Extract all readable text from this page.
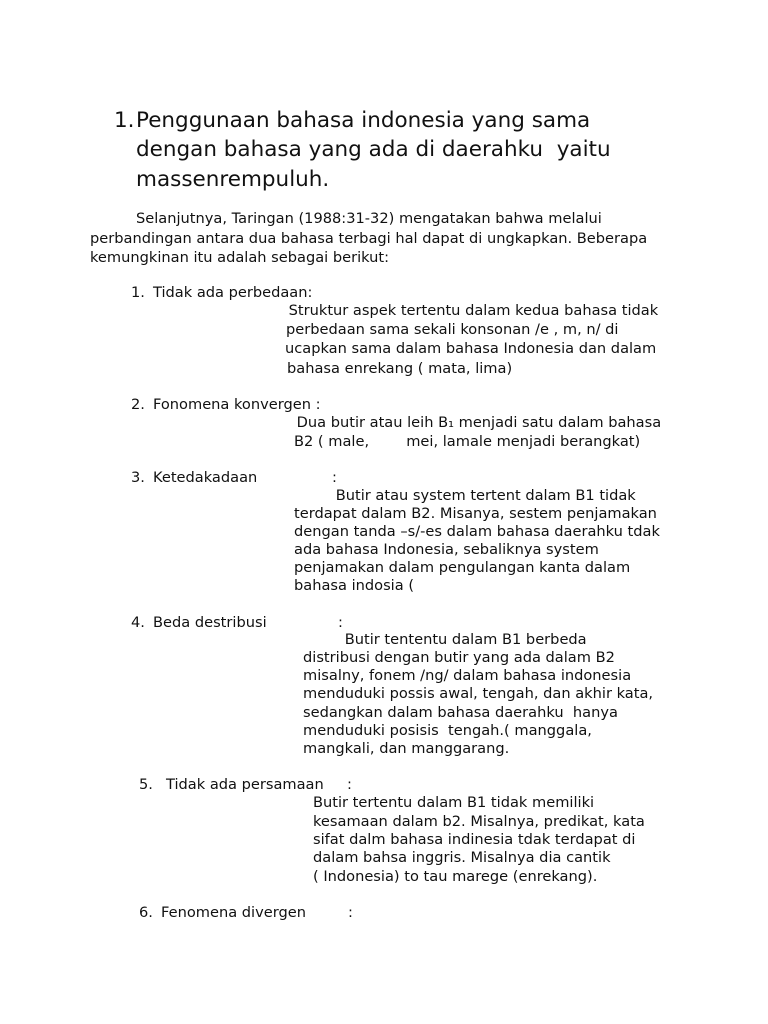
1. Penggunaan bahasa indonesia yang sama
dengan bahasa yang ada di daerahku  yaitu
massenrempuluh.
Selanjutnya, Taringan (1988:31-32) mengatakan bahwa melalui
perbandingan antara dua bahasa terbagi hal dapat di ungkapkan. Beberapa
kemungkinan itu adalah sebagai berikut:
1. Tidak ada perbedaan:
Struktur aspek tertentu dalam kedua bahasa tidak
perbedaan sama sekali konsonan /e , m, n/ di
ucapkan sama dalam bahasa Indonesia dan dalam
bahasa enrekang ( mata, lima)
2. Fonomena konvergen :
Dua butir atau leih B₁ menjadi satu dalam bahasa
B2 ( male,        mei, lamale menjadi berangkat)
3. Ketedakadaan	:
Butir atau system tertent dalam B1 tidak
terdapat dalam B2. Misanya, sestem penjamakan
dengan tanda –s/-es dalam bahasa daerahku tdak
ada bahasa Indonesia, sebaliknya system
penjamakan dalam pengulangan kanta dalam
bahasa indosia (
4. Beda destribusi	:
Butir tententu dalam B1 berbeda
distribusi dengan butir yang ada dalam B2
misalny, fonem /ng/ dalam bahasa indonesia
menduduki possis awal, tengah, dan akhir kata,
sedangkan dalam bahasa daerahku  hanya
menduduki posisis  tengah.( manggala,
mangkali, dan manggarang.
5. Tidak ada persamaan :
Butir tertentu dalam B1 tidak memiliki
kesamaan dalam b2. Misalnya, predikat, kata
sifat dalm bahasa indinesia tdak terdapat di
dalam bahsa inggris. Misalnya dia cantik
( Indonesia) to tau marege (enrekang).
6. Fenomena divergen	:
